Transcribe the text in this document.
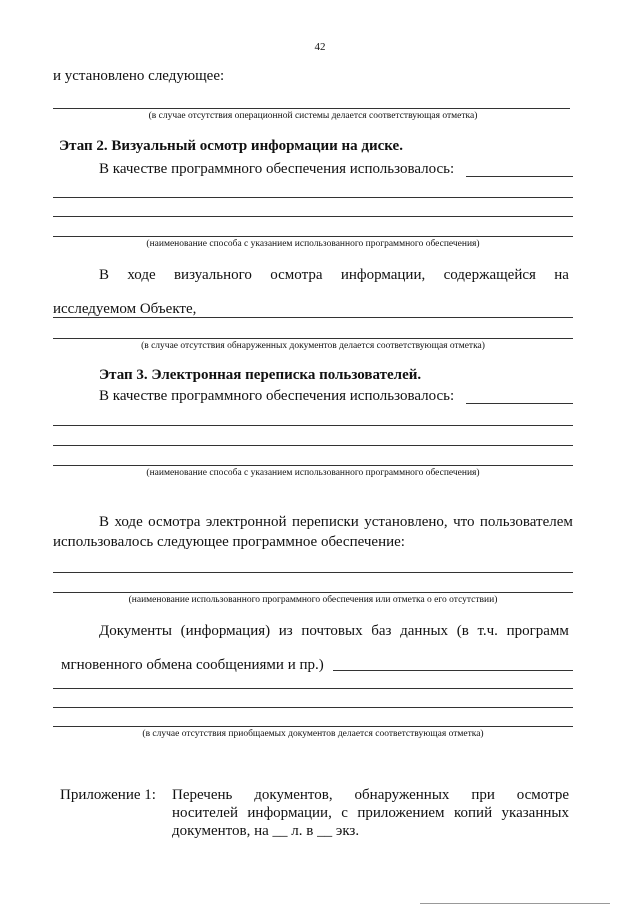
42
и установлено следующее:
(в случае отсутствия операционной системы делается соответствующая отметка)
Этап 2. Визуальный осмотр информации на диске.
В качестве программного обеспечения использовалось:
(наименование способа с указанием использованного программного обеспечения)
В ходе визуального осмотра информации, содержащейся на
исследуемом Объекте,
(в случае отсутствия обнаруженных документов делается соответствующая отметка)
Этап 3. Электронная переписка пользователей.
В качестве программного обеспечения использовалось:
(наименование способа с указанием использованного программного обеспечения)
В ходе осмотра электронной переписки установлено, что пользователем
использовалось следующее программное обеспечение:
(наименование использованного программного обеспечения или отметка о его отсутствии)
Документы (информация) из почтовых баз данных (в т.ч. программ
мгновенного обмена сообщениями и пр.)
(в случае отсутствия приобщаемых документов делается соответствующая отметка)
Приложение 1: Перечень документов, обнаруженных при осмотре
носителей информации, с приложением копий указанных
документов, на __ л. в __ экз.
